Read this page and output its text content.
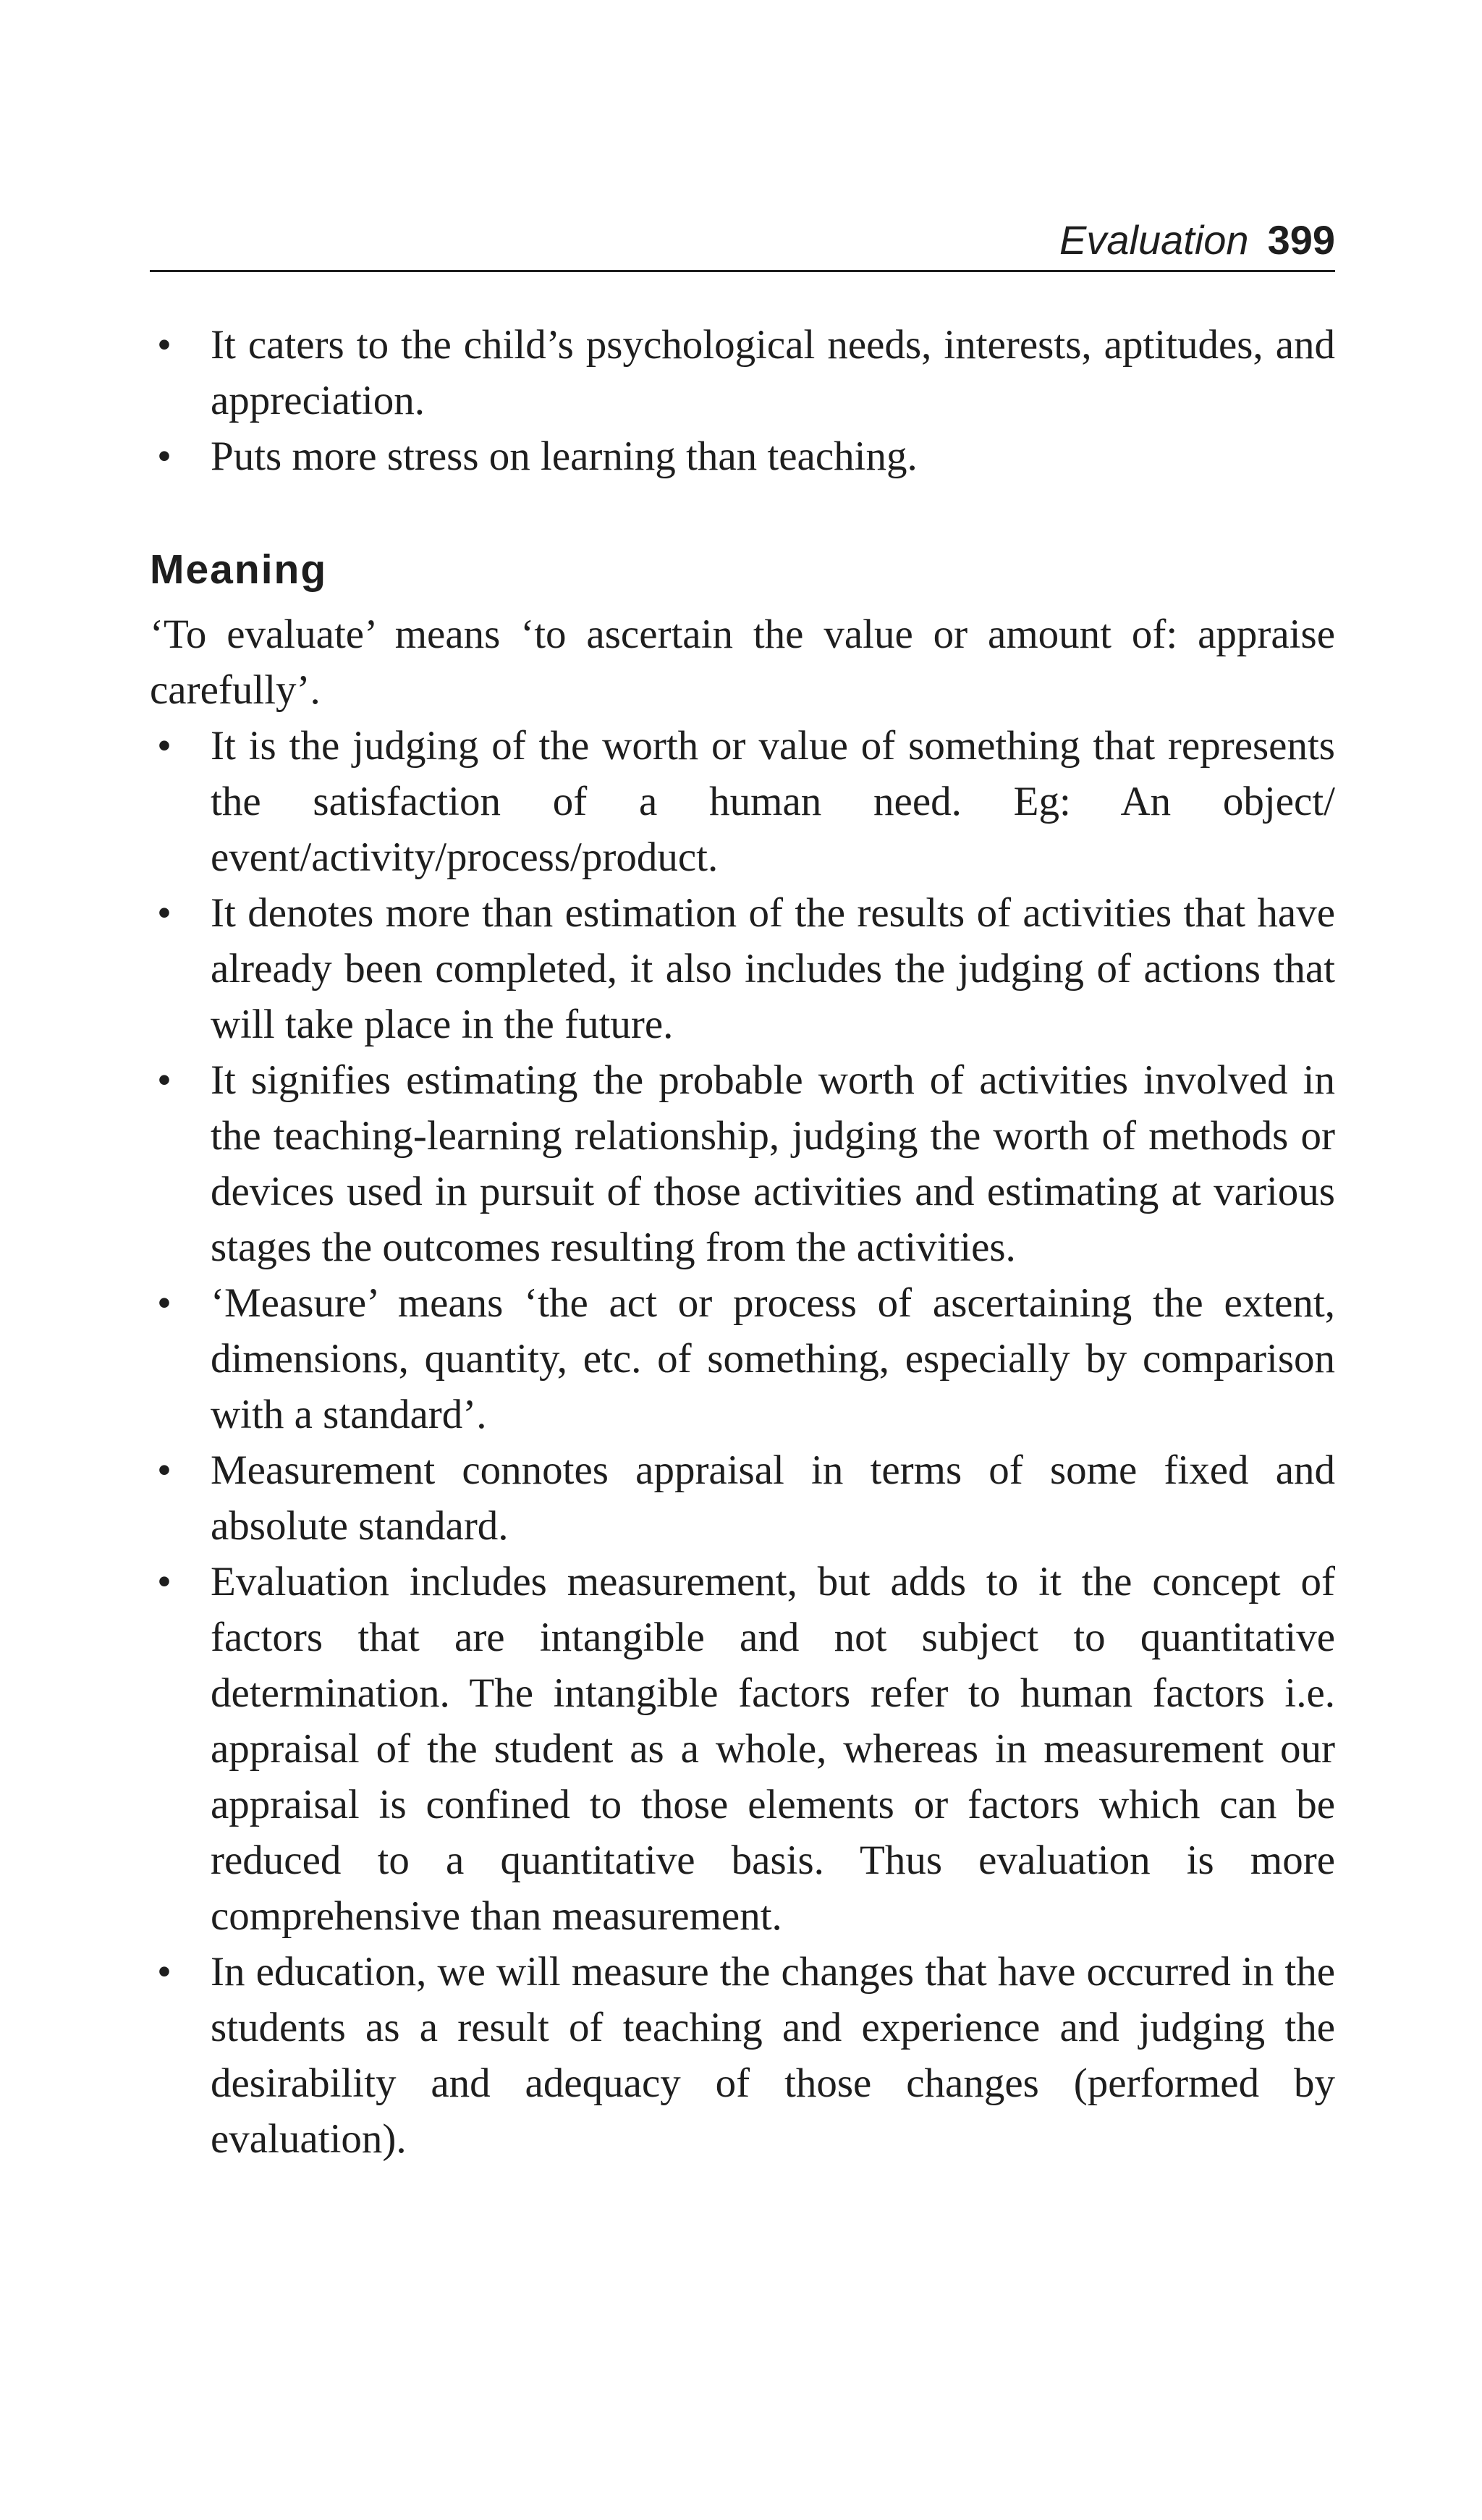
Evaluation 399
• It caters to the child’s psychological needs, interests, aptitudes, and appreciation.
• Puts more stress on learning than teaching.
Meaning

‘To evaluate’ means ‘to ascertain the value or amount of: appraise carefully’.

• It is the judging of the worth or value of something that represents the satisfaction of a human need. Eg: An object/ event/activity/process/product.
• It denotes more than estimation of the results of activities that have already been completed, it also includes the judging of actions that will take place in the future.
• It signifies estimating the probable worth of activities involved in the teaching-learning relationship, judging the worth of methods or devices used in pursuit of those activities and estimating at various stages the outcomes resulting from the activities.
• ‘Measure’ means ‘the act or process of ascertaining the extent, dimensions, quantity, etc. of something, especially by comparison with a standard’.
• Measurement connotes appraisal in terms of some fixed and absolute standard.
• Evaluation includes measurement, but adds to it the concept of factors that are intangible and not subject to quantitative determination. The intangible factors refer to human factors i.e. appraisal of the student as a whole, whereas in measurement our appraisal is confined to those elements or factors which can be reduced to a quantitative basis. Thus evaluation is more comprehensive than measurement.
• In education, we will measure the changes that have occurred in the students as a result of teaching and experience and judging the desirability and adequacy of those changes (performed by evaluation).
